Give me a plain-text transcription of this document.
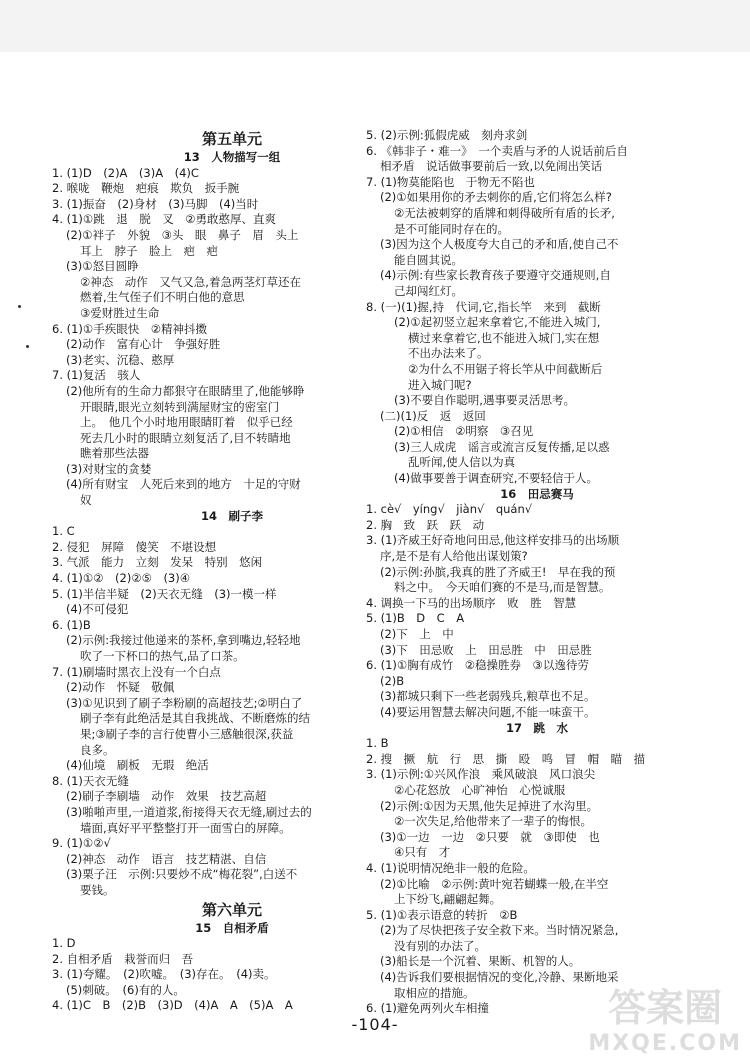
第五单元
13　人物描写一组
1. (1)D　(2)A　(3)A　(4)C
2. 喉咙　鞭炮　疤痕　欺负　扳手腕
3. (1)振奋　(2)身材　(3)马脚　(4)当时
4. (1)①跳　退　脱　叉　②勇敢憨厚、直爽
(2)①袢子　外貌　③头　眼　鼻子　眉　头上
耳上　脖子　脸上　疤　疤
(3)①怒目圆睁
②神态　动作　又气又急,着急两茎灯草还在
燃着,生气侄子们不明白他的意思
③爱财胜过生命
6. (1)①手疾眼快　②精神抖擞
(2)动作　富有心计　争强好胜
(3)老实、沉稳、憨厚
7. (1)复活　骇人
(2)他所有的生命力都狠守在眼睛里了,他能够睁
开眼睛,眼光立刻转到满屋财宝的密室门
上。　他几个小时地用眼睛盯着　似乎已经
死去几小时的眼睛立刻复活了,目不转睛地
瞧着那些法器
(3)对财宝的贪婪
(4)所有财宝　人死后来到的地方　十足的守财
奴
14　刷子李
1. C
2. 侵犯　屏障　傻笑　不堪设想
3. 气派　能力　立刻　发呆　特别　悠闲
4. (1)①②　(2)②⑤　(3)④
5. (1)半信半疑　(2)天衣无缝　(3)一模一样
(4)不可侵犯
6. (1)B
(2)示例:我接过他递来的茶杯,拿到嘴边,轻轻地
吹了一下杯口的热气,品了口茶。
7. (1)刷墙时黑衣上没有一个白点
(2)动作　怀疑　敬佩
(3)①见识到了刷子李粉刷的高超技艺;②明白了
刷子李有此绝活是其自我挑战、不断磨炼的结
果;③刷子李的言行使曹小三感触很深,获益
良多。
(4)仙境　刷板　无瑕　绝活
8. (1)天衣无缝
(2)刷子李刷墙　动作　效果　技艺高超
(3)啪啪声里,一道道浆,衔接得天衣无缝,刷过去的
墙面,真好平平整整打开一面雪白的屏障。
9. (1)①②√
(2)神态　动作　语言　技艺精湛、自信
(3)栗子汪　示例:只要炒不成“梅花裂”,白送不
要钱。
第六单元
15　自相矛盾
1. D
2. 自相矛盾　栽誉而归　吾
3. (1)夸耀。　(2)吹嘘。　(3)存在。　(4)卖。
(5)刺破。　(6)有的人。
4. (1)C　B　(2)B　(3)D　(4)A　A　(5)A　A
5. (2)示例:狐假虎威　刻舟求剑
6. 《韩非子・难一》　一个卖盾与矛的人说话前后自
相矛盾　说话做事要前后一致,以免闹出笑话
7. (1)物莫能陷也　于物无不陷也
(2)①如果用你的矛去刺你的盾,它们将怎么样?
②无法被刺穿的盾牌和刺得破所有盾的长矛,
是不可能同时存在的。
(3)因为这个人极度夸大自己的矛和盾,使自己不
能自圆其说。
(4)示例:有些家长教育孩子要遵守交通规则,自
己却闯红灯。
8. (一)(1)握,持　代词,它,指长竿　来到　截断
(2)①起初竖立起来拿着它,不能进入城门,
横过来拿着它,也不能进入城门,实在想
不出办法来了。
②为什么不用锯子将长竿从中间截断后
进入城门呢?
(3)不要自作聪明,遇事要灵活思考。
(二)(1)反　返　返回
(2)①相信　②明察　③召见
(3)三人成虎　谣言或流言反复传播,足以惑
乱听闻,使人信以为真
(4)做事要善于调查研究,不要轻信于人。
16　田忌赛马
1. cè√　yíng√　jiàn√　quán√
2. 胸　致　跃　跃　动
3. (1)齐威王好奇地问田忌,他这样安排马的出场顺
序,是不是有人给他出谋划策?
(2)示例:孙膑,我真的胜了齐威王!　早在我的预
料之中。　今天咱们赛的不是马,而是智慧。
4. 调换一下马的出场顺序　败　胜　智慧
5. (1)B　D　C　A
(2)下　上　中
(3)下　田忌败　上　田忌胜　中　田忌胜
6. (1)①胸有成竹　②稳操胜券　③以逸待劳
(2)B
(3)都城只剩下一些老弱残兵,粮草也不足。
(4)要运用智慧去解决问题,不能一味蛮干。
17　跳　水
1. B
2. 搜　撅　航　行　思　撕　殴　鸣　冒　帽　瞄　描
3. (1)示例:①兴风作浪　乘风破浪　风口浪尖
②心花怒放　心旷神怡　心悦诚服
(2)示例:①因为天黑,他失足掉进了水沟里。
②一次失足,给他带来了一辈子的悔恨。
(3)①一边　一边　②只要　就　③即使　也
④只有　才
4. (1)说明情况绝非一般的危险。
(2)①比喻　②示例:黄叶宛若蝴蝶一般,在半空
上下纷飞,翩翩起舞。
5. (1)①表示语意的转折　②B
(2)为了尽快把孩子安全救下来。当时情况紧急,
没有别的办法了。
(3)船长是一个沉着、果断、机智的人。
(4)告诉我们要根据情况的变化,冷静、果断地采
取相应的措施。
6. (1)避免两列火车相撞
-104-	答案圈
MXQE.COM
